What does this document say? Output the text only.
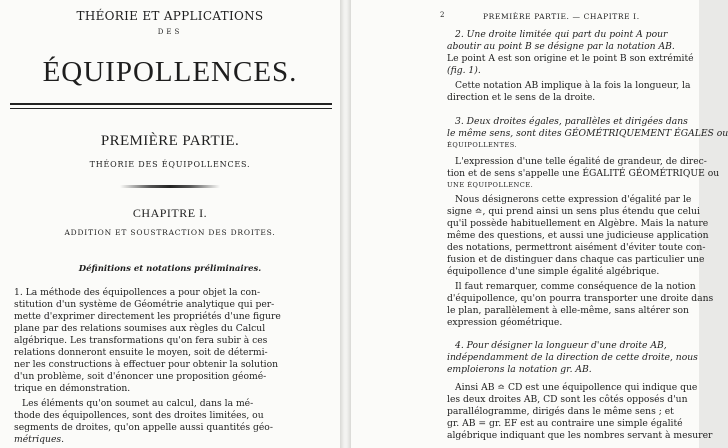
THÉORIE ET APPLICATIONS
DES
ÉQUIPOLLENCES.
PREMIÈRE PARTIE.
THÉORIE DES ÉQUIPOLLENCES.
CHAPITRE I.
ADDITION ET SOUSTRACTION DES DROITES.
Définitions et notations préliminaires.
1. La méthode des équipollences a pour objet la con-
stitution d'un système de Géométrie analytique qui per-
mette d'exprimer directement les propriétés d'une figure
plane par des relations soumises aux règles du Calcul
algébrique. Les transformations qu'on fera subir à ces
relations donneront ensuite le moyen, soit de détermi-
ner les constructions à effectuer pour obtenir la solution
d'un problème, soit d'énoncer une proposition géomé-
trique en démonstration.
Les éléments qu'on soumet au calcul, dans la mé-
thode des équipollences, sont des droites limitées, ou
segments de droites, qu'on appelle aussi quantités géo-
métriques.
2	PREMIÈRE PARTIE. — CHAPITRE I.
2. Une droite limitée qui part du point A pour
aboutir au point B se désigne par la notation AB.
Le point A est son origine et le point B son extrémité
(fig. 1).
Cette notation AB implique à la fois la longueur, la
direction et le sens de la droite.
3. Deux droites égales, parallèles et dirigées dans
le même sens, sont dites GÉOMÉTRIQUEMENT ÉGALES ou
ÉQUIPOLLENTES.
L'expression d'une telle égalité de grandeur, de direc-
tion et de sens s'appelle une ÉGALITÉ GÉOMÉTRIQUE ou
UNE ÉQUIPOLLENCE.
Nous désignerons cette expression d'égalité par le
signe ≏, qui prend ainsi un sens plus étendu que celui
qu'il possède habituellement en Algèbre. Mais la nature
même des questions, et aussi une judicieuse application
des notations, permettront aisément d'éviter toute con-
fusion et de distinguer dans chaque cas particulier une
équipollence d'une simple égalité algébrique.
Il faut remarquer, comme conséquence de la notion
d'équipollence, qu'on pourra transporter une droite dans
le plan, parallèlement à elle-même, sans altérer son
expression géométrique.
4. Pour désigner la longueur d'une droite AB,
indépendamment de la direction de cette droite, nous
emploierons la notation gr. AB.
Ainsi AB ≏ CD est une équipollence qui indique que
les deux droites AB, CD sont les côtés opposés d'un
parallélogramme, dirigés dans le même sens ; et
gr. AB = gr. EF est au contraire une simple égalité
algébrique indiquant que les nombres servant à mesurer
